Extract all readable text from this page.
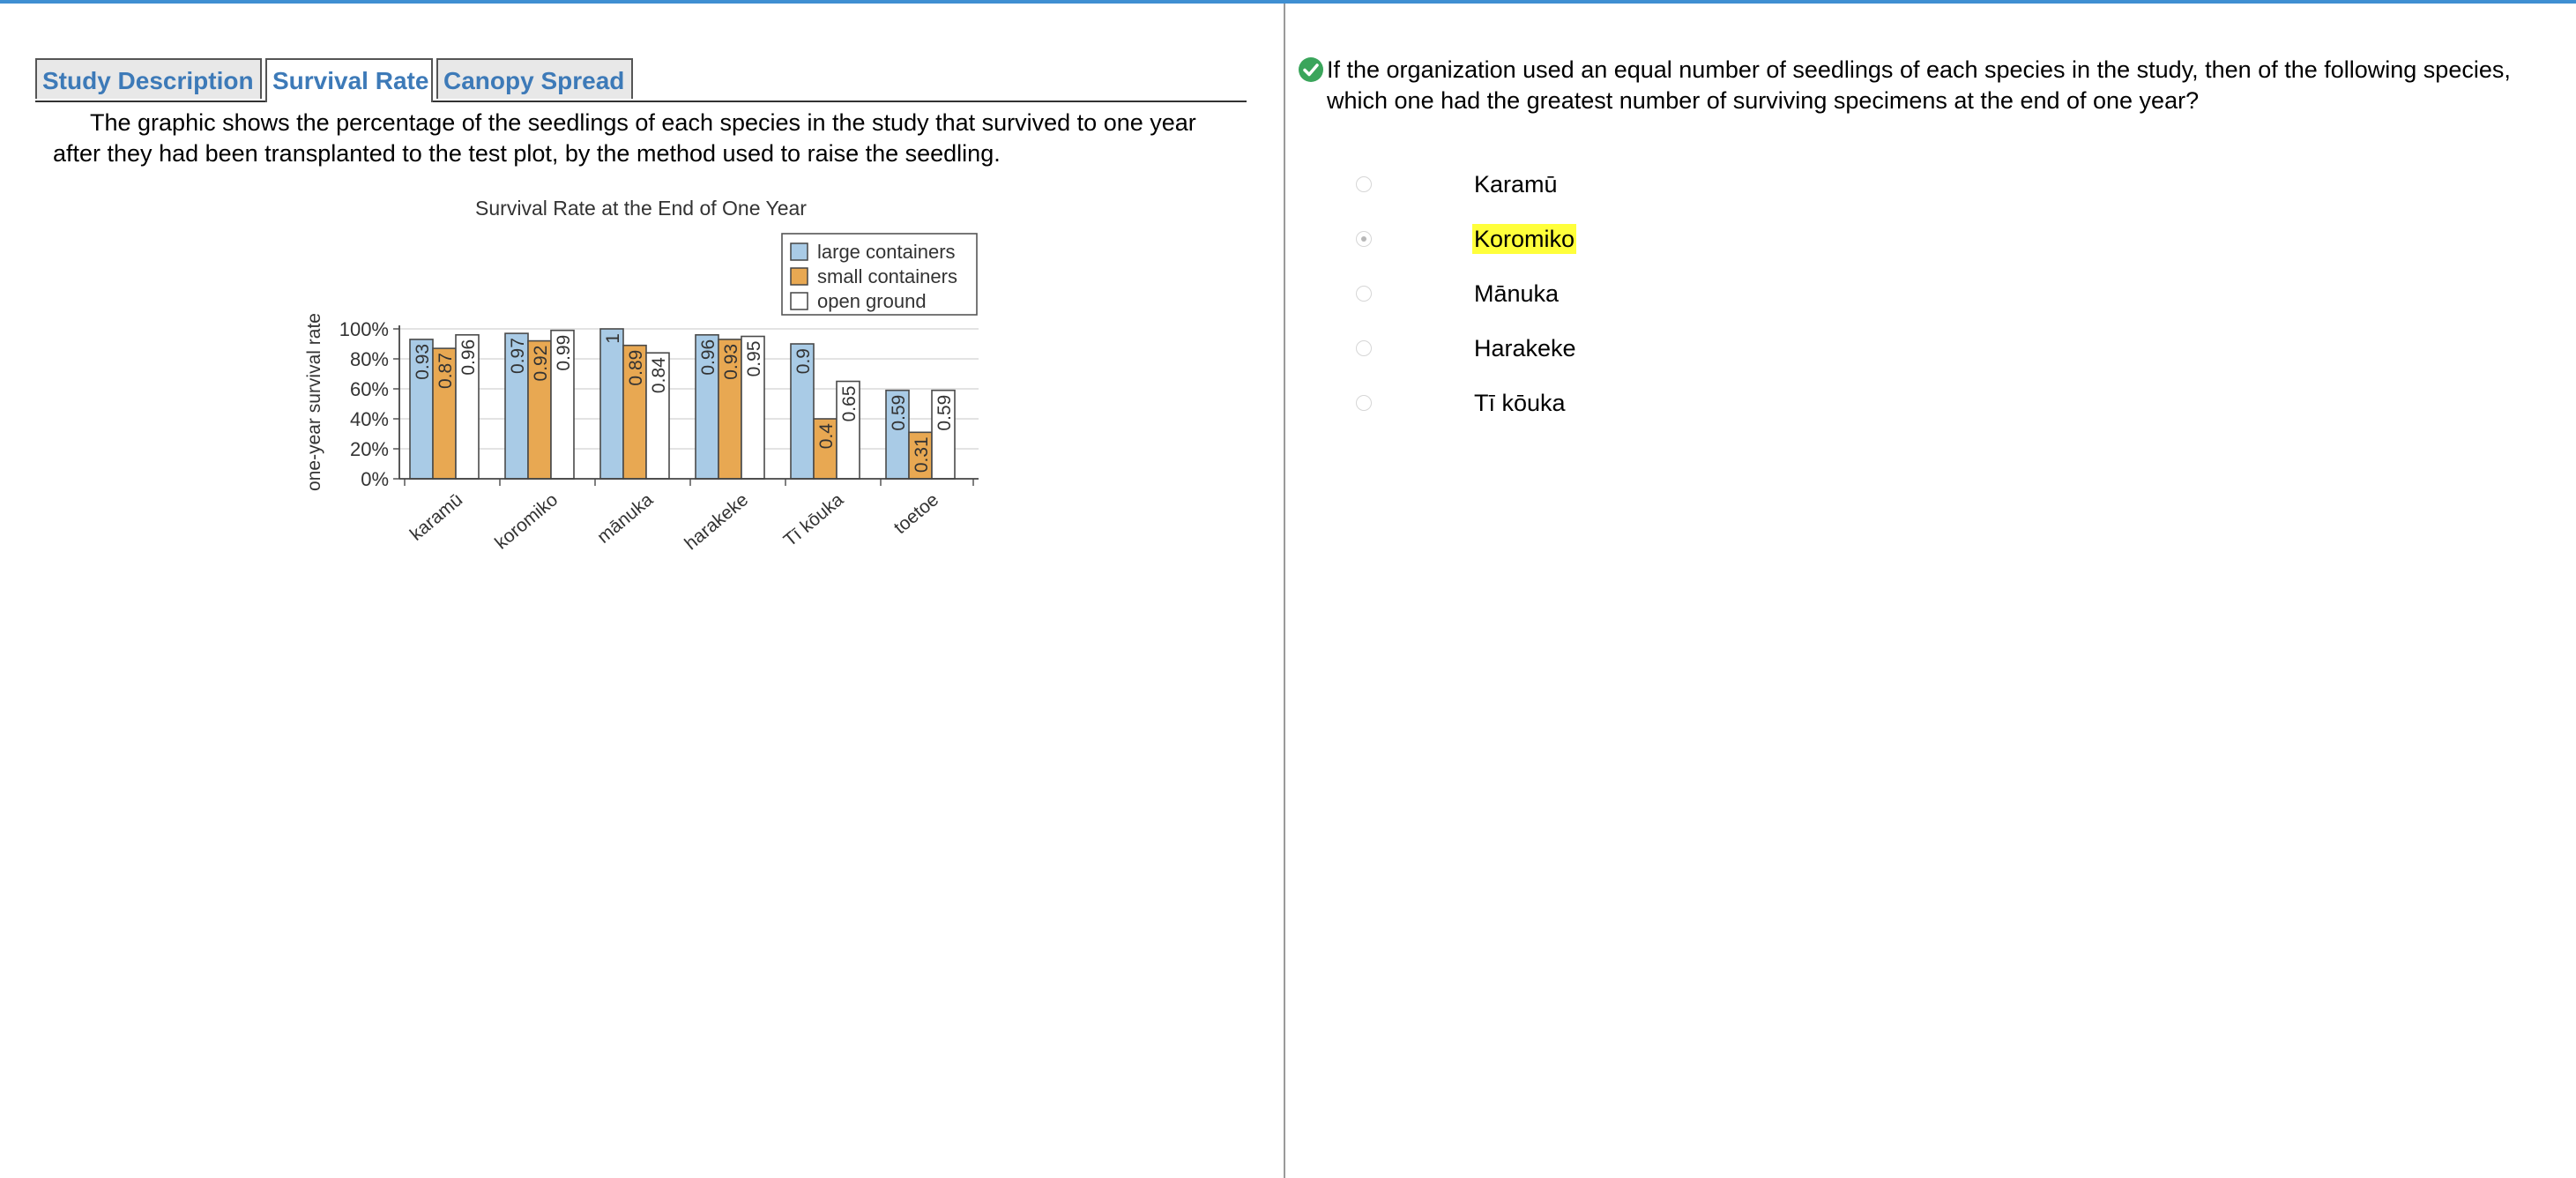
Study Description Survival Rate Canopy Spread
The graphic shows the percentage of the seedlings of each species in the study that survived to one year after they had been transplanted to the test plot, by the method used to raise the seedling.
Survival Rate at the End of One Year
one-year survival rate	0.93 0.87 0.96 0.97 0.92 0.99 1
0.89 0.84 0.96 0.93 0.95 0.9
0.4
0.65 0.59
0.31
0.59
0%
20%
40%
60%
80%
100%
karamū koromiko mānuka harakeke Tī kōuka toetoe
large containers
small containers
open ground
If the organization used an equal number of seedlings of each species in the study, then of the following species, which one had the greatest number of surviving specimens at the end of one year?
Karamū
Koromiko
Mānuka
Harakeke
Tī kōuka
